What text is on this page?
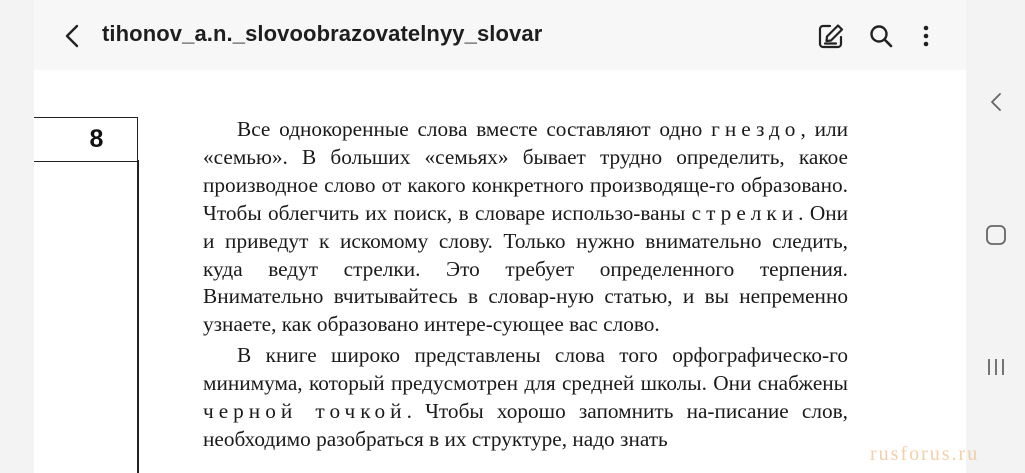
tihonov_a.n._slovoobrazovatelnyy_slovar
8	Все однокоренные слова вместе составляют одно гнездо, или «семью». В больших «семьях» бывает трудно определить, какое производное слово от какого конкретного производяще-го образовано. Чтобы облегчить их поиск, в словаре использо-ваны стрелки. Они и приведут к искомому слову. Только нужно внимательно следить, куда ведут стрелки. Это требует определенного терпения. Внимательно вчитывайтесь в словар-ную статью, и вы непременно узнаете, как образовано интере-сующее вас слово.

В книге широко представлены слова того орфографическо-го минимума, который предусмотрен для средней школы. Они снабжены черной точкой. Чтобы хорошо запомнить на-писание слов, необходимо разобраться в их структуре, надо знать

rusforus.ru
